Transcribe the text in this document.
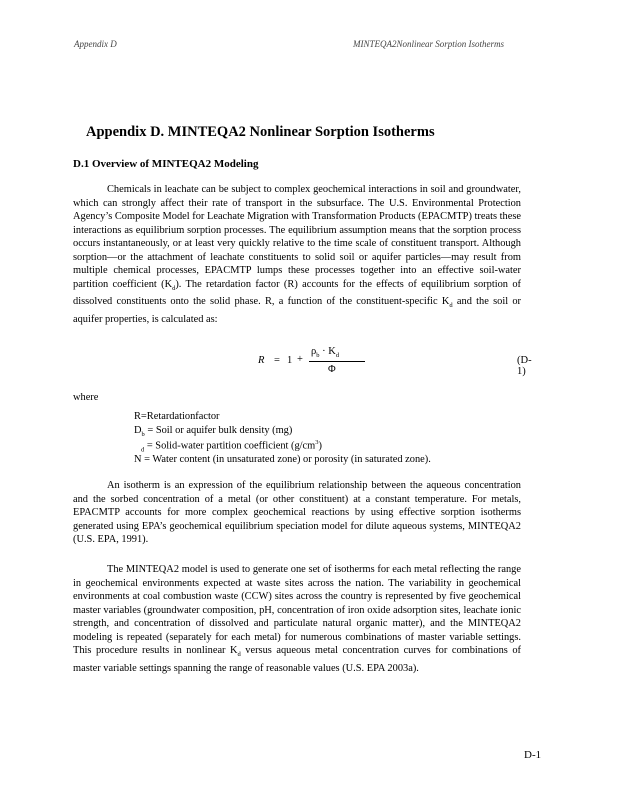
Appendix D	MINTEQA2Nonlinear Sorption Isotherms
Appendix D. MINTEQA2 Nonlinear Sorption Isotherms
D.1 Overview of MINTEQA2 Modeling

Chemicals in leachate can be subject to complex geochemical interactions in soil and groundwater, which can strongly affect their rate of transport in the subsurface. The U.S. Environmental Protection Agency’s Composite Model for Leachate Migration with Transformation Products (EPACMTP) treats these interactions as equilibrium sorption processes. The equilibrium assumption means that the sorption process occurs instantaneously, or at least very quickly relative to the time scale of constituent transport. Although sorption—or the attachment of leachate constituents to solid soil or aquifer particles—may result from multiple chemical processes, EPACMTP lumps these processes together into an effective soil-water partition coefficient $(K_d)$. The retardation factor (R) accounts for the effects of equilibrium sorption of dissolved constituents onto the solid phase. R, a function of the constituent-specific $K_d$ and the soil or aquifer properties, is calculated as:

R = 1 +
$\rho_b \cdot K_d$
Φ
(D-1)
where
R=Retardationfactor
$D_b$ = Soil or aquifer bulk density (mg)
$_d$ = Solid-water partition coefficient $(g/cm^3)$
N = Water content (in unsaturated zone) or porosity (in saturated zone).

An isotherm is an expression of the equilibrium relationship between the aqueous concentration and the sorbed concentration of a metal (or other constituent) at a constant temperature. For metals, EPACMTP accounts for more complex geochemical reactions by using effective sorption isotherms generated using EPA’s geochemical equilibrium speciation model for dilute aqueous systems, MINTEQA2 (U.S. EPA, 1991).

The MINTEQA2 model is used to generate one set of isotherms for each metal reflecting the range in geochemical environments expected at waste sites across the nation. The variability in geochemical environments at coal combustion waste (CCW) sites across the country is represented by five geochemical master variables (groundwater composition, pH, concentration of iron oxide adsorption sites, leachate ionic strength, and concentration of dissolved and particulate natural organic matter), and the MINTEQA2 modeling is repeated (separately for each metal) for numerous combinations of master variable settings. This procedure results in nonlinear $K_d$ versus aqueous metal concentration curves for combinations of master variable settings spanning the range of reasonable values (U.S. EPA 2003a).

D-1
